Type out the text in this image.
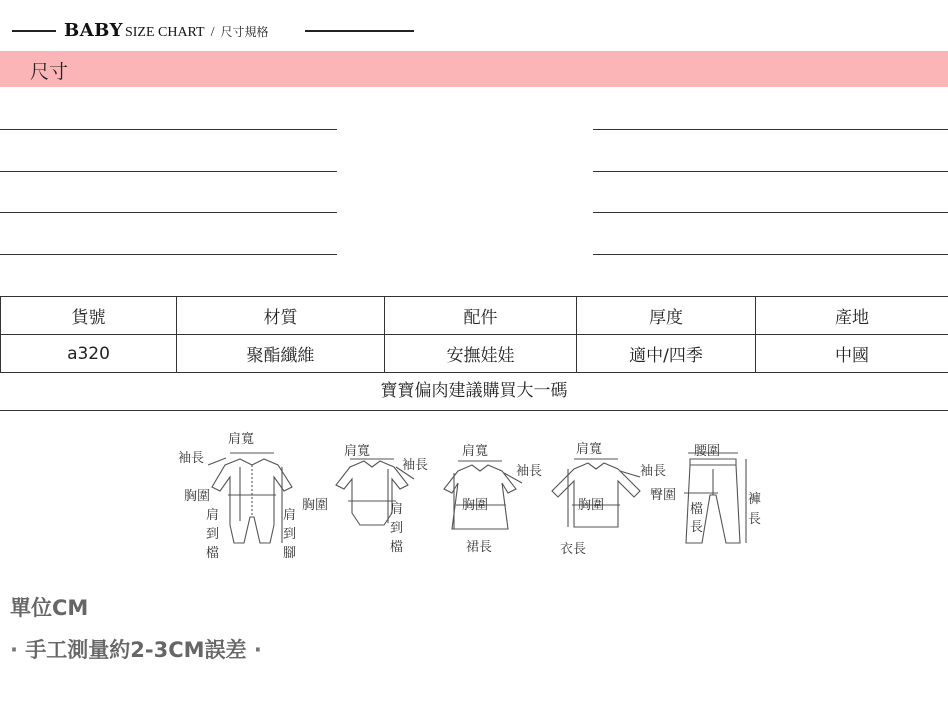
BABY SIZE CHART / 尺寸規格
尺寸
貨號	材質	配件	厚度	產地
a320	聚酯纖維	安撫娃娃	適中/四季	中國
寶寶偏肉建議購買大一碼
肩寬
袖長
胸圍
肩
到
檔
肩
到
腳
肩寬
袖長
胸圍	肩
到
檔
肩寬
袖長
胸圍
裙長
肩寬
袖長
胸圍
衣長
腰圍
臀圍
檔
長
褲
長
單位CM
· 手工測量約2-3CM誤差 ·
